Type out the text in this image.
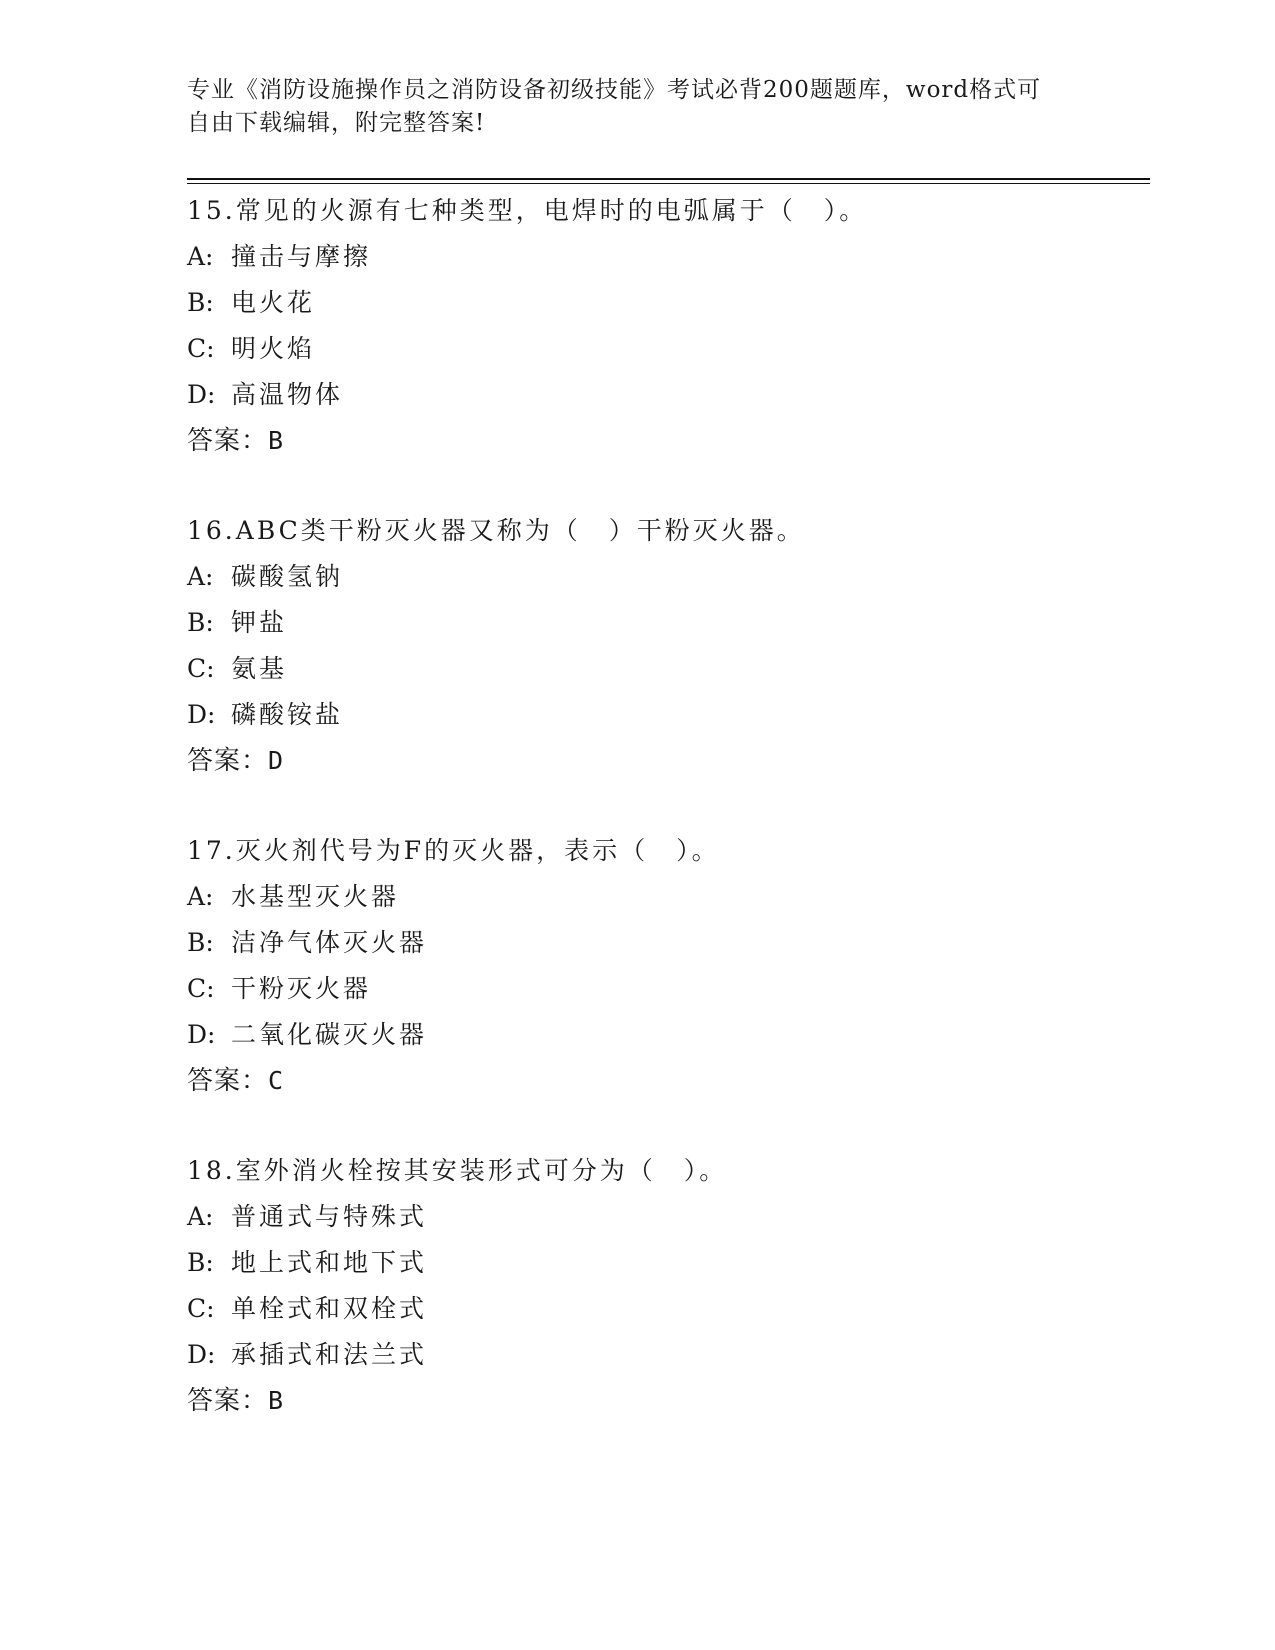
专业《消防设施操作员之消防设备初级技能》考试必背200题题库，word格式可
自由下载编辑，附完整答案!
15.常见的火源有七种类型，电焊时的电弧属于（　）。
A: 撞击与摩擦
B: 电火花
C: 明火焰
D: 高温物体
答案：B
16.ABC类干粉灭火器又称为（　）干粉灭火器。
A: 碳酸氢钠
B: 钾盐
C: 氨基
D: 磷酸铵盐
答案：D
17.灭火剂代号为F的灭火器，表示（　）。
A: 水基型灭火器
B: 洁净气体灭火器
C: 干粉灭火器
D: 二氧化碳灭火器
答案：C
18.室外消火栓按其安装形式可分为（　）。
A: 普通式与特殊式
B: 地上式和地下式
C: 单栓式和双栓式
D: 承插式和法兰式
答案：B
